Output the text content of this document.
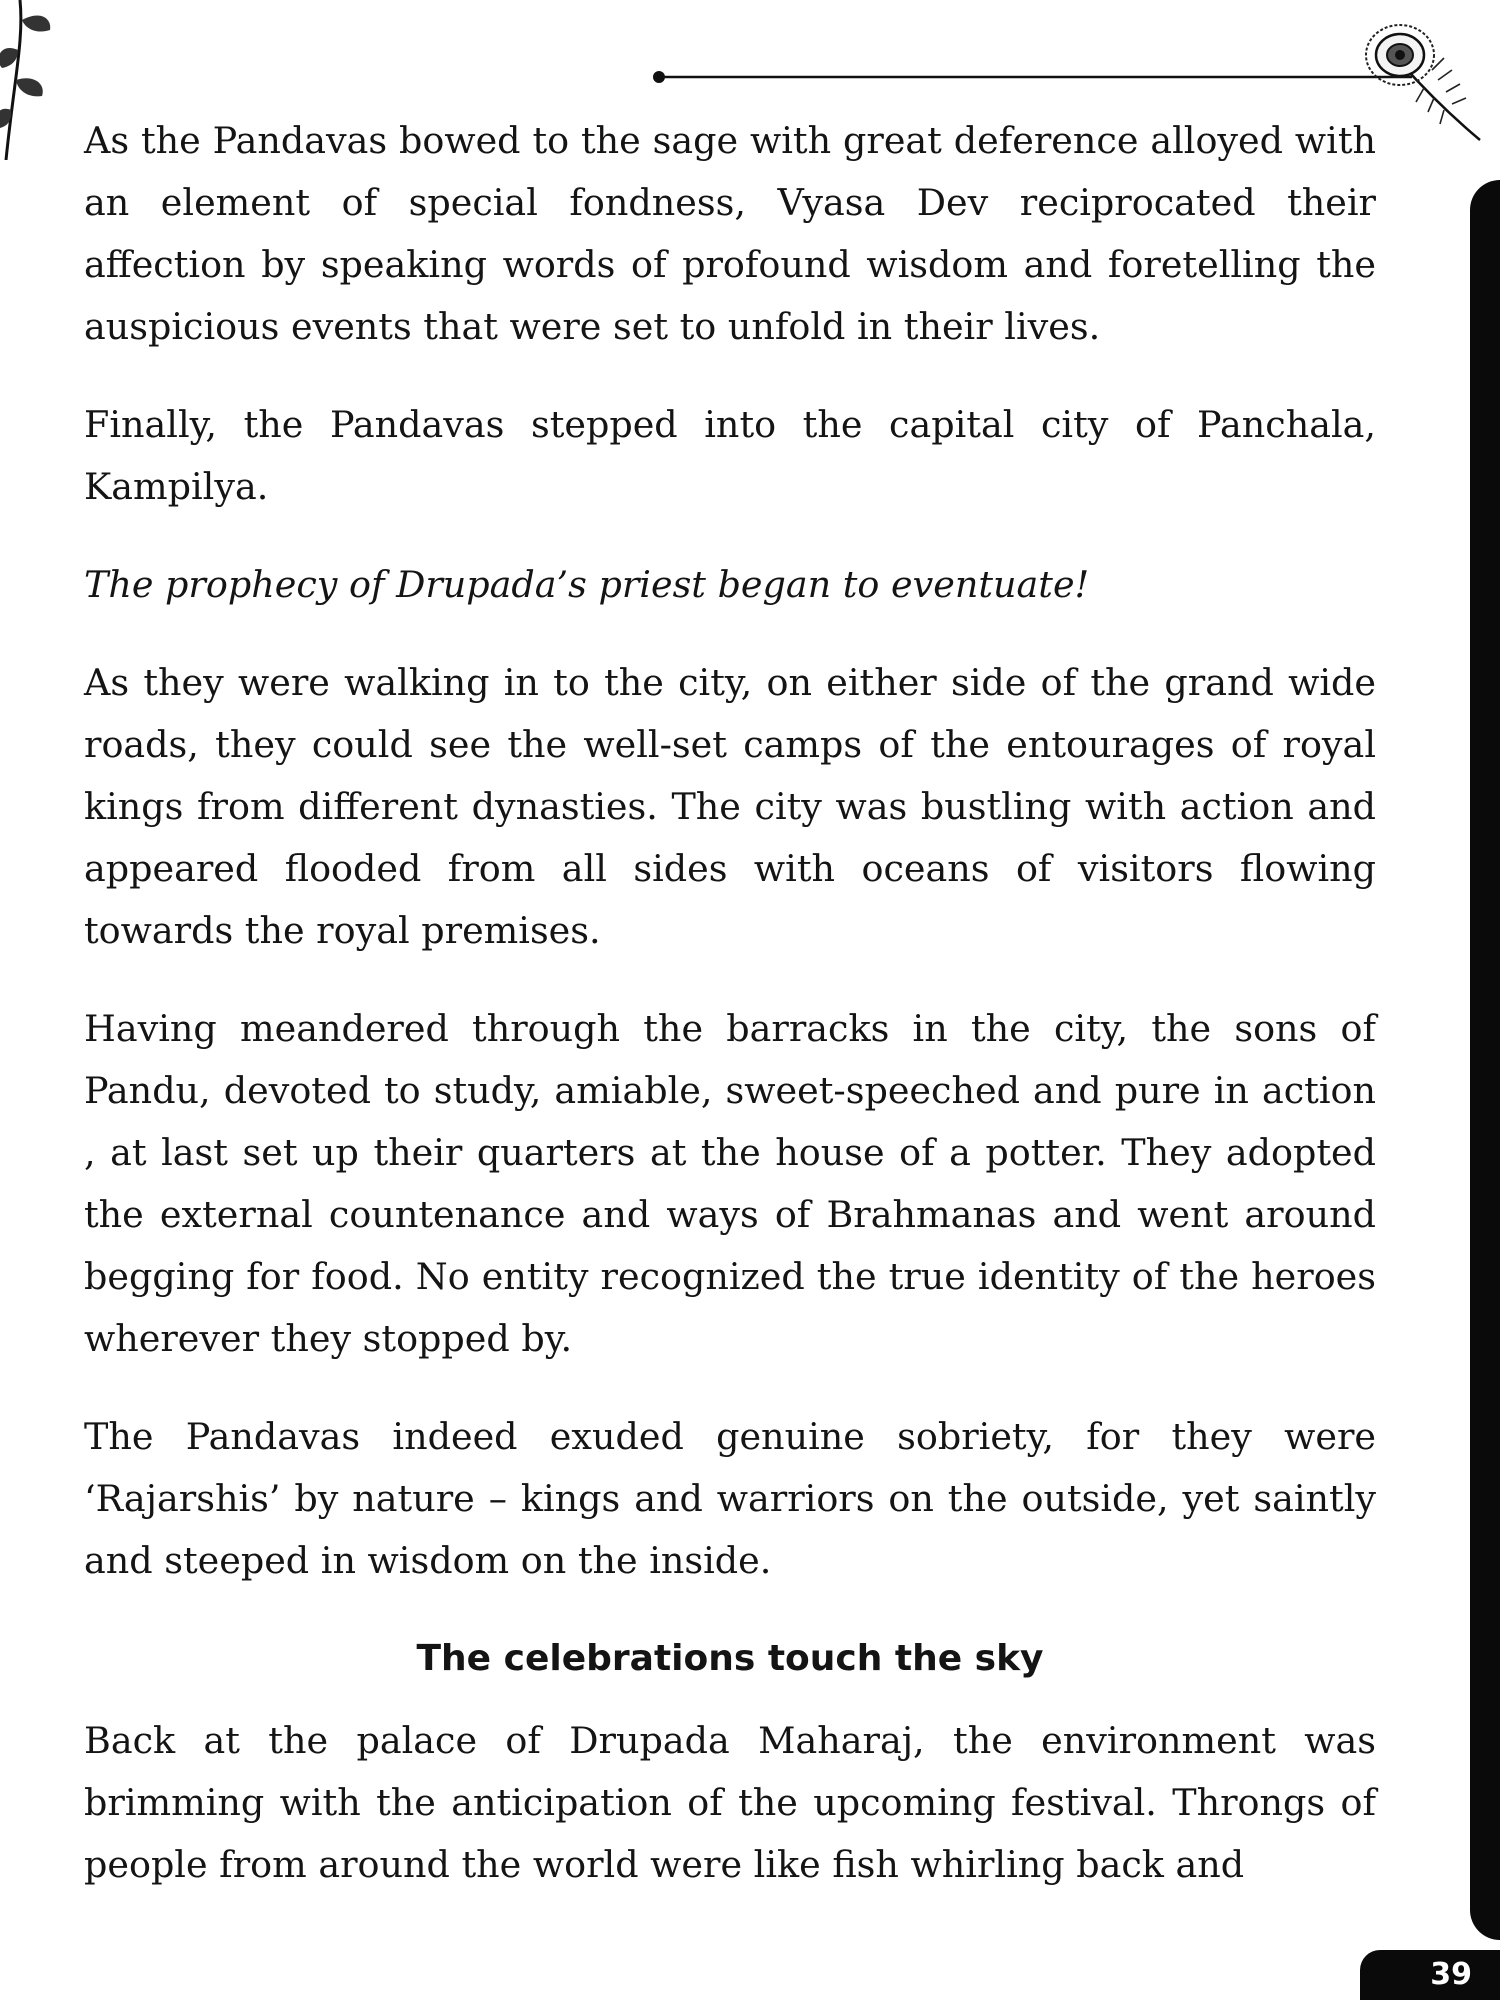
39

As the Pandavas bowed to the sage with great deference alloyed with an element of special fondness, Vyasa Dev reciprocated their affection by speaking words of profound wisdom and foretelling the auspicious events that were set to unfold in their lives.

Finally, the Pandavas stepped into the capital city of Panchala, Kampilya.

The prophecy of Drupada’s priest began to eventuate!

As they were walking in to the city, on either side of the grand wide roads, they could see the well-set camps of the entourages of royal kings from different dynasties. The city was bustling with action and appeared flooded from all sides with oceans of visitors flowing towards the royal premises.

Having meandered through the barracks in the city, the sons of Pandu, devoted to study, amiable, sweet-speeched and pure in action , at last set up their quarters at the house of a potter. They adopted the external countenance and ways of Brahmanas and went around begging for food. No entity recognized the true identity of the heroes wherever they stopped by.

The Pandavas indeed exuded genuine sobriety, for they were ‘Rajarshis’ by nature – kings and warriors on the outside, yet saintly and steeped in wisdom on the inside.

The celebrations touch the sky

Back at the palace of Drupada Maharaj, the environment was brimming with the anticipation of the upcoming festival. Throngs of people from around the world were like fish whirling back and
